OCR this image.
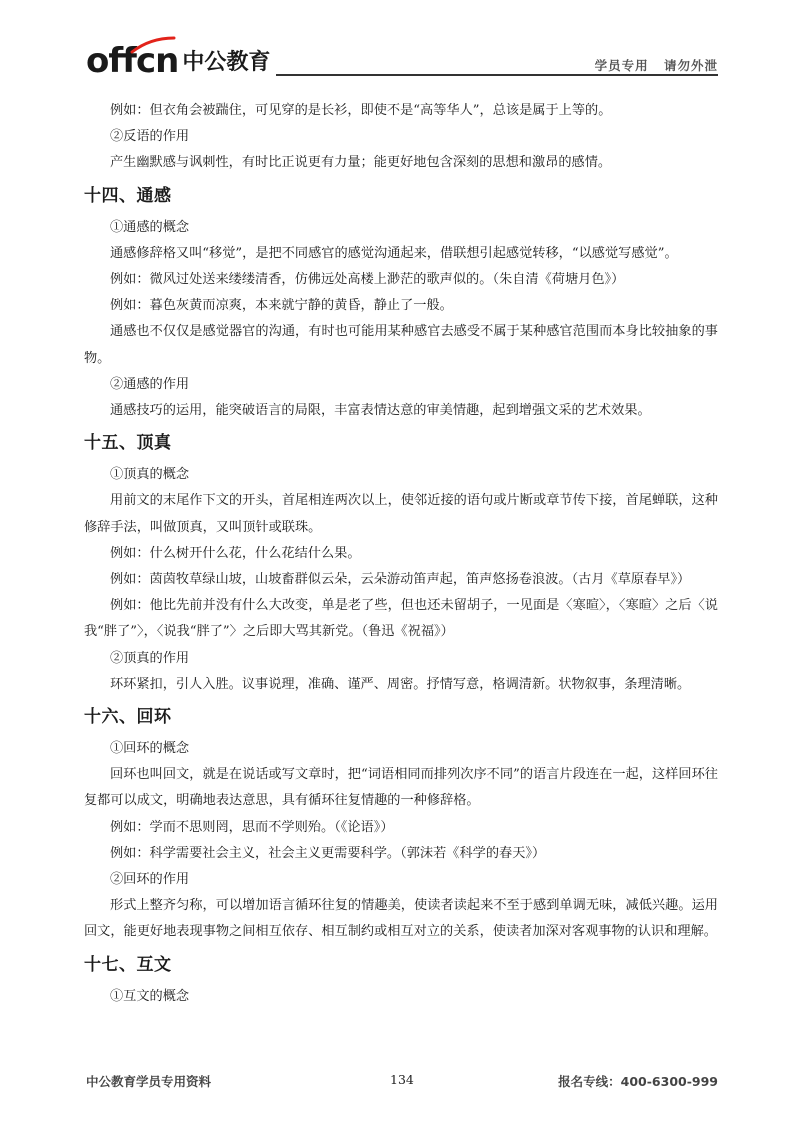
offcn 中公教育	学员专用 请勿外泄

例如：但衣角会被踹住，可见穿的是长衫，即使不是“高等华人”，总该是属于上等的。

②反语的作用

产生幽默感与讽刺性，有时比正说更有力量；能更好地包含深刻的思想和激昂的感情。

十四、通感

①通感的概念

通感修辞格又叫“移觉”，是把不同感官的感觉沟通起来，借联想引起感觉转移，“以感觉写感觉”。

例如：微风过处送来缕缕清香，仿佛远处高楼上渺茫的歌声似的。（朱自清《荷塘月色》）

例如：暮色灰黄而凉爽，本来就宁静的黄昏，静止了一般。

通感也不仅仅是感觉器官的沟通，有时也可能用某种感官去感受不属于某种感官范围而本身比较抽象的事物。

②通感的作用

通感技巧的运用，能突破语言的局限，丰富表情达意的审美情趣，起到增强文采的艺术效果。

十五、顶真

①顶真的概念

用前文的末尾作下文的开头，首尾相连两次以上，使邻近接的语句或片断或章节传下接，首尾蝉联，这种修辞手法，叫做顶真，又叫顶针或联珠。

例如：什么树开什么花，什么花结什么果。

例如：茵茵牧草绿山坡，山坡畜群似云朵，云朵游动笛声起，笛声悠扬卷浪波。（古月《草原春早》）

例如：他比先前并没有什么大改变，单是老了些，但也还未留胡子，一见面是〈寒暄〉，〈寒暄〉之后〈说我“胖了”〉，〈说我“胖了”〉之后即大骂其新党。（鲁迅《祝福》）

②顶真的作用

环环紧扣，引人入胜。议事说理，准确、谨严、周密。抒情写意，格调清新。状物叙事，条理清晰。

十六、回环

①回环的概念

回环也叫回文，就是在说话或写文章时，把“词语相同而排列次序不同”的语言片段连在一起，这样回环往复都可以成文，明确地表达意思，具有循环往复情趣的一种修辞格。

例如：学而不思则罔，思而不学则殆。（《论语》）

例如：科学需要社会主义，社会主义更需要科学。（郭沫若《科学的春天》）

②回环的作用

形式上整齐匀称，可以增加语言循环往复的情趣美，使读者读起来不至于感到单调无味，减低兴趣。运用回文，能更好地表现事物之间相互依存、相互制约或相互对立的关系，使读者加深对客观事物的认识和理解。

十七、互文

①互文的概念

中公教育学员专用资料	134	报名专线：400-6300-999
